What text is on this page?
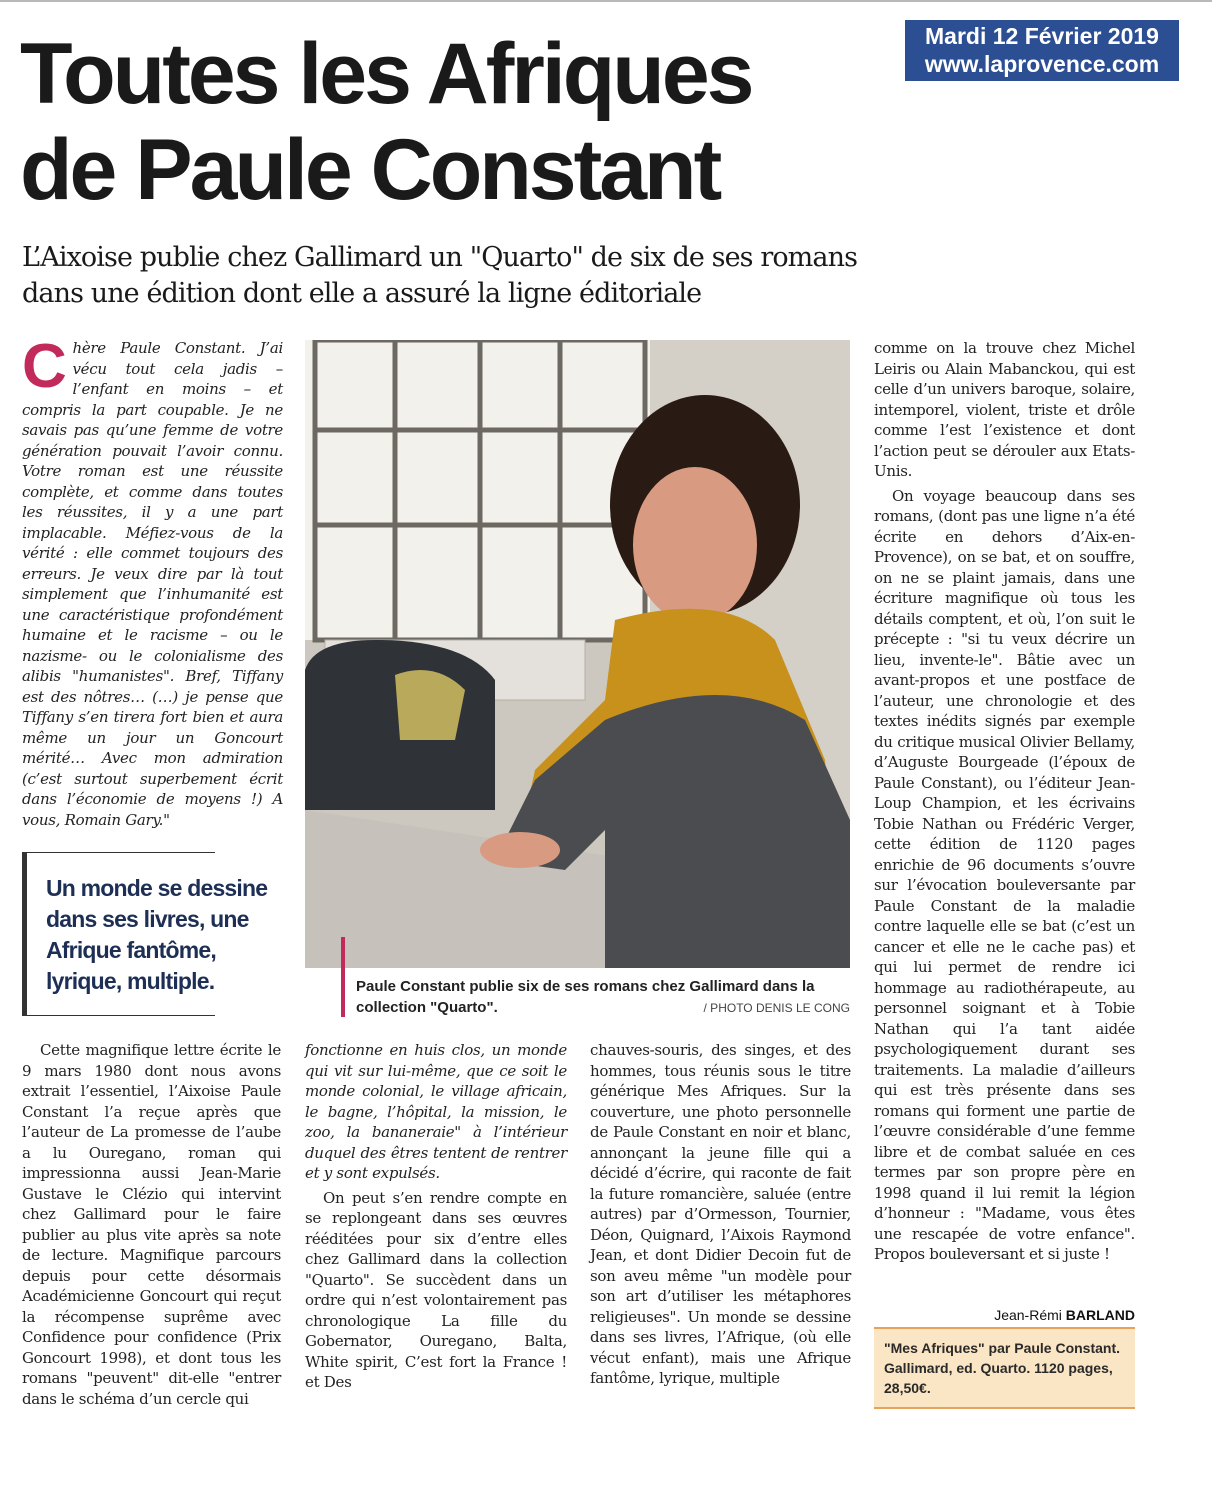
Mardi 12 Février 2019
www.laprovence.com
Toutes les Afriques
de Paule Constant
L’Aixoise publie chez Gallimard un "Quarto" de six de ses romans
dans une édition dont elle a assuré la ligne éditoriale

Chère Paule Constant. J’ai vécu tout cela jadis – l’enfant en moins – et compris la part coupable. Je ne savais pas qu’une femme de votre génération pouvait l’avoir connu. Votre roman est une réussite complète, et comme dans toutes les réussites, il y a une part implacable. Méfiez-vous de la vérité : elle commet toujours des erreurs. Je veux dire par là tout simplement que l’inhumanité est une caractéristique profondément humaine et le racisme – ou le nazisme- ou le colonialisme des alibis "humanistes". Bref, Tiffany est des nôtres… (…) je pense que Tiffany s’en tirera fort bien et aura même un jour un Goncourt mérité… Avec mon admiration (c’est surtout superbement écrit dans l’économie de moyens !) A vous, Romain Gary."

Un monde se dessine
dans ses livres, une
Afrique fantôme,
lyrique, multiple.	Paule Constant publie six de ses romans chez Gallimard dans la collection "Quarto".	/ PHOTO DENIS LE CONG

Cette magnifique lettre écrite le 9 mars 1980 dont nous avons extrait l’essentiel, l’Aixoise Paule Constant l’a reçue après que l’auteur de La promesse de l’aube a lu Ouregano, roman qui impressionna aussi Jean-Marie Gustave le Clézio qui intervint chez Gallimard pour le faire publier au plus vite après sa note de lecture. Magnifique parcours depuis pour cette désormais Académicienne Goncourt qui reçut la récompense suprême avec Confidence pour confidence (Prix Goncourt 1998), et dont tous les romans "peuvent" dit-elle "entrer dans le schéma d’un cercle qui

fonctionne en huis clos, un monde qui vit sur lui-même, que ce soit le monde colonial, le village africain, le bagne, l’hôpital, la mission, le zoo, la bananeraie" à l’intérieur duquel des êtres tentent de rentrer et y sont expulsés.

On peut s’en rendre compte en se replongeant dans ses œuvres rééditées pour six d’entre elles chez Gallimard dans la collection "Quarto". Se succèdent dans un ordre qui n’est volontairement pas chronologique La fille du Gobernator, Ouregano, Balta, White spirit, C’est fort la France ! et Des

chauves-souris, des singes, et des hommes, tous réunis sous le titre générique Mes Afriques. Sur la couverture, une photo personnelle de Paule Constant en noir et blanc, annonçant la jeune fille qui a décidé d’écrire, qui raconte de fait la future romancière, saluée (entre autres) par d’Ormesson, Tournier, Déon, Quignard, l’Aixois Raymond Jean, et dont Didier Decoin fut de son aveu même "un modèle pour son art d’utiliser les métaphores religieuses". Un monde se dessine dans ses livres, l’Afrique, (où elle vécut enfant), mais une Afrique fantôme, lyrique, multiple

comme on la trouve chez Michel Leiris ou Alain Mabanckou, qui est celle d’un univers baroque, solaire, intemporel, violent, triste et drôle comme l’est l’existence et dont l’action peut se dérouler aux Etats-Unis.

On voyage beaucoup dans ses romans, (dont pas une ligne n’a été écrite en dehors d’Aix-en-Provence), on se bat, et on souffre, on ne se plaint jamais, dans une écriture magnifique où tous les détails comptent, et où, l’on suit le précepte : "si tu veux décrire un lieu, invente-le". Bâtie avec un avant-propos et une postface de l’auteur, une chronologie et des textes inédits signés par exemple du critique musical Olivier Bellamy, d’Auguste Bourgeade (l’époux de Paule Constant), ou l’éditeur Jean-Loup Champion, et les écrivains Tobie Nathan ou Frédéric Verger, cette édition de 1120 pages enrichie de 96 documents s’ouvre sur l’évocation bouleversante par Paule Constant de la maladie contre laquelle elle se bat (c’est un cancer et elle ne le cache pas) et qui lui permet de rendre ici hommage au radiothérapeute, au personnel soignant et à Tobie Nathan qui l’a tant aidée psychologiquement durant ses traitements. La maladie d’ailleurs qui est très présente dans ses romans qui forment une partie de l’œuvre considérable d’une femme libre et de combat saluée en ces termes par son propre père en 1998 quand il lui remit la légion d’honneur : "Madame, vous êtes une rescapée de votre enfance". Propos bouleversant et si juste !

Jean-Rémi BARLAND
"Mes Afriques" par Paule Constant.
Gallimard, ed. Quarto. 1120 pages,
28,50€.
